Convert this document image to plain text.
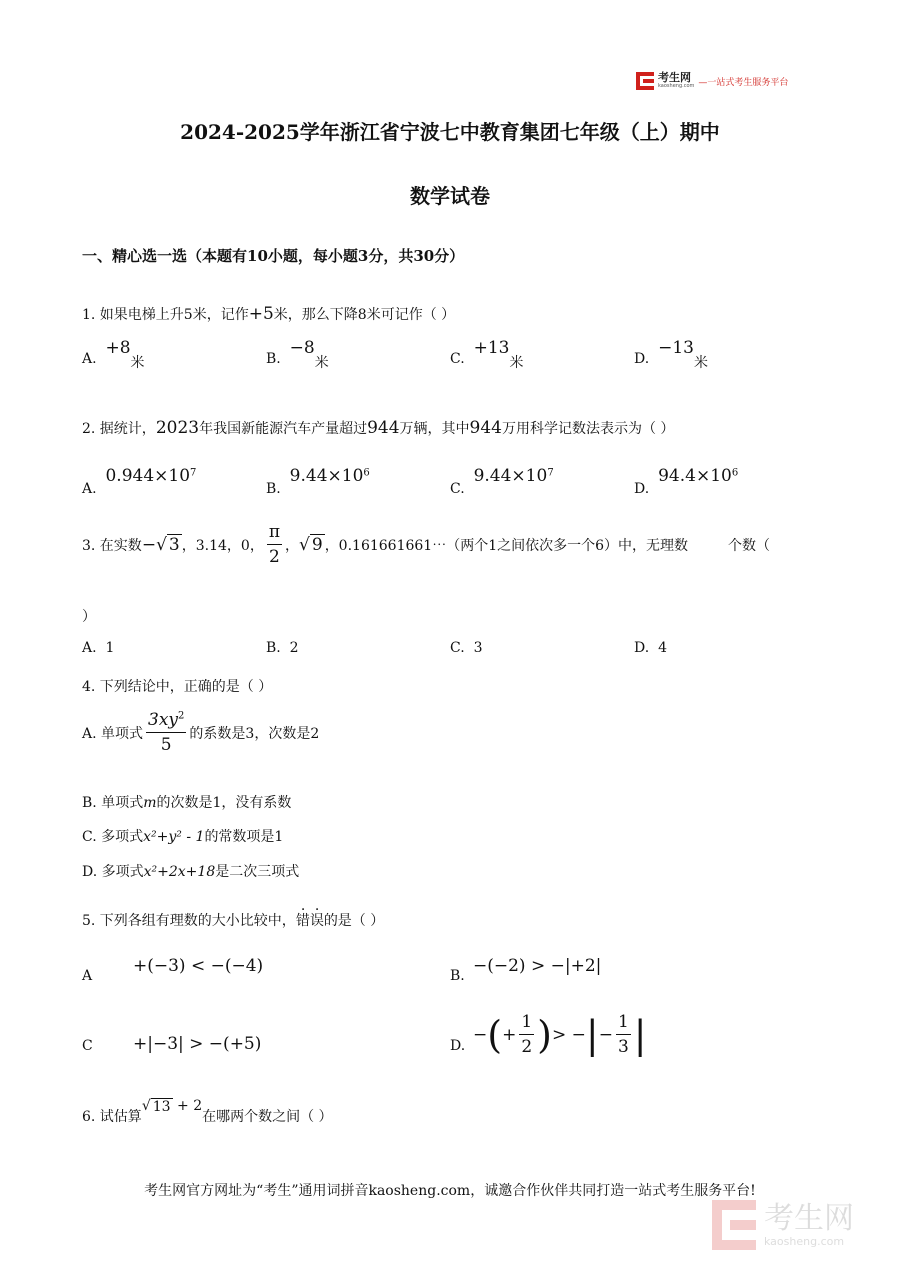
考生网
kaosheng.com —一站式考生服务平台
2024-2025学年浙江省宁波七中教育集团七年级（上）期中
数学试卷
一、精心选一选（本题有10小题，每小题3分，共30分）
1. 如果电梯上升5米，记作+5米，那么下降8米可记作（ ）
A.  +8米	B.  −8米	C.  +13米	D.  −13米
2. 据统计，2023年我国新能源汽车产量超过944万辆，其中944万用科学记数法表示为（ ）
A.  $0.944\times 10^7$
B.  $9.44\times 10^6$
C.  $9.44\times 10^7$
D.  $94.4\times 10^6$
3. 在实数 − √ 3 ，3.14，0， $\frac{\pi}{2}$ ， √ 9 ，0.161661661⋯（两个1之间依次多一个6）中，无理数	个数（
）
A. 1	B. 2	C. 3	D. 4
4. 下列结论中，正确的是（ ）
A. 单项式 $\frac{3xy^2}{5}$ 的系数是3，次数是2
B. 单项式m的次数是1，没有系数
C. 多项式x²+y² - 1的常数项是1
D. 多项式x²+2x+18是二次三项式
5. 下列各组有理数的大小比较中，错误的是（ ）
A +(−3) < −(−4)	B. −(−2) > −|+2|
C +|−3| > −(+5)	D.
− ( + $\frac{1}{2}$ ) > − | − $\frac{1}{3}$ |
6. 试估算
√ 13
+ 2
在哪两个数之间（ ）
考生网官方网址为“考生”通用词拼音kaosheng.com，诚邀合作伙伴共同打造一站式考生服务平台!
考生网
kaosheng.com
